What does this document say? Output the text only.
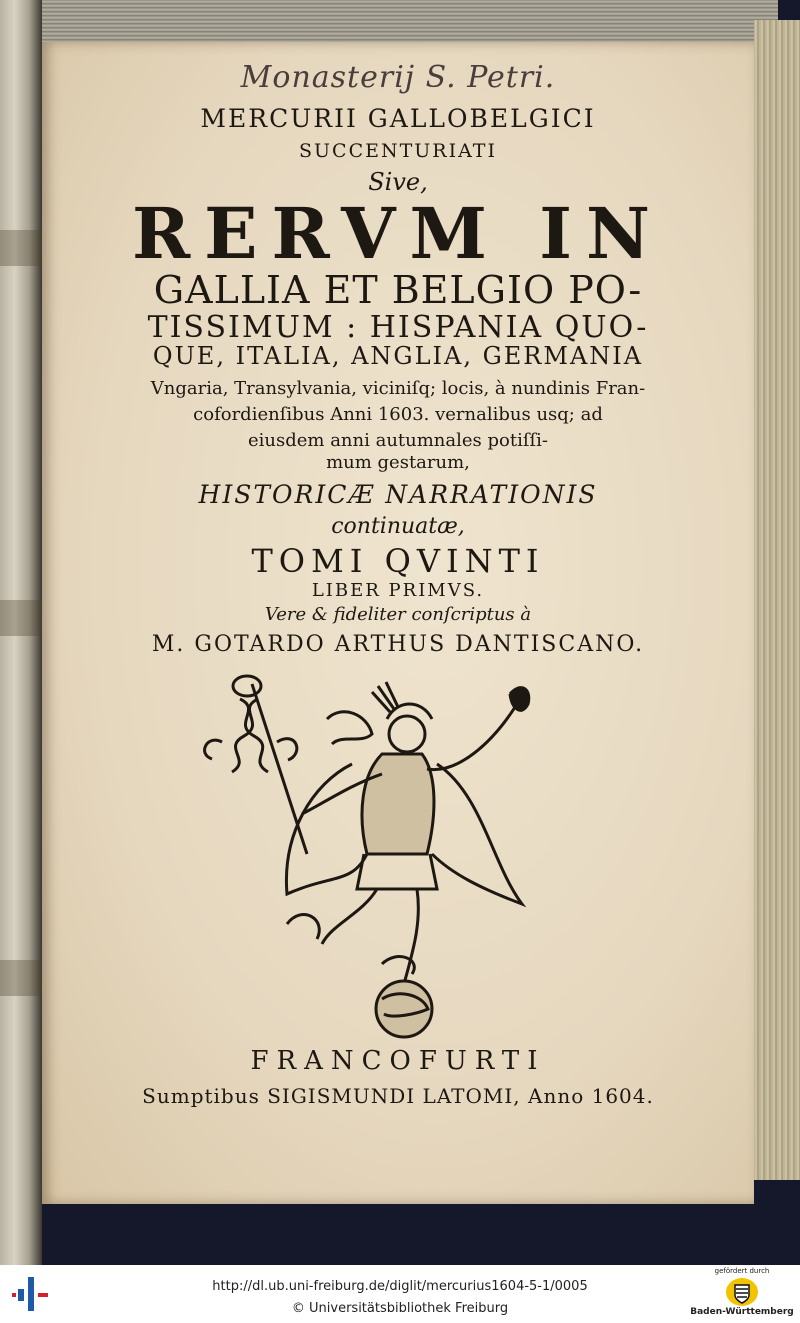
Monasterij S. Petri.
MERCURII GALLOBELGICI
SUCCENTURIATI
Sive,
RERVM IN
GALLIA ET BELGIO PO-
TISSIMUM : HISPANIA QUO-
QUE, ITALIA, ANGLIA, GERMANIA
Vngaria, Transylvania, viciniſq; locis, à nundinis Fran-
cofordienſibus Anni 1603. vernalibus usq; ad
eiusdem anni autumnales potiſſi-
mum gestarum,
HISTORICÆ NARRATIONIS
continuatæ,
TOMI QVINTI
LIBER PRIMVS.
Vere & fideliter conſcriptus à
M. GOTARDO ARTHUS DANTISCANO.
FRANCOFURTI
Sumptibus SIGISMUNDI LATOMI, Anno 1604.
http://dl.ub.uni-freiburg.de/diglit/mercurius1604-5-1/0005
© Universitätsbibliothek Freiburg
gefördert durch
Baden-Württemberg
